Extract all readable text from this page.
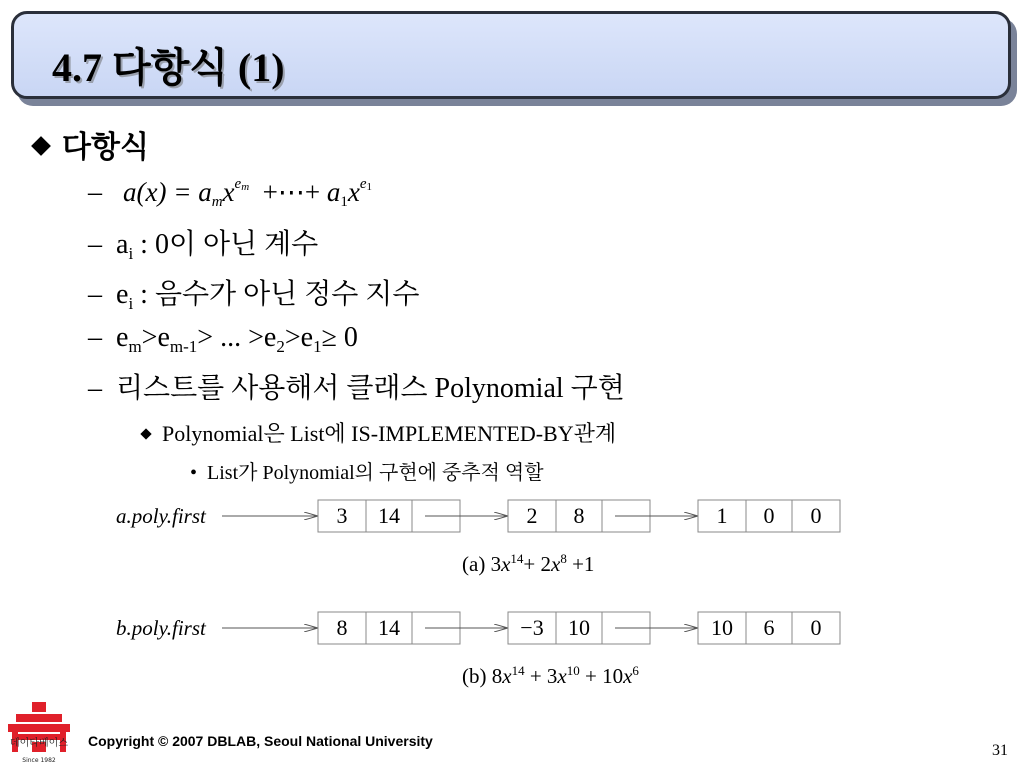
4.7 다항식 (1)
다항식
– a(x) = amx$^{em}$ +⋯+ $a1x^{e1}$
– $a_i$ : 0이 아닌 계수
– $e_i$ : 음수가 아닌 정수 지수
– $e_m>e_{m-1}>$ ... $>e_2>e_1\ge 0$
– 리스트를 사용해서 클래스 Polynomial 구현
Polynomial은 List에 IS-IMPLEMENTED-BY관계
• List가 Polynomial의 구현에 중추적 역할
a.poly.first	3 14	2 8	1 0 0
b.poly.first	8 14	−3 10	10 6 0
(a) $3x^{14}+ 2x^8 +1$
(b) $8x^{14} + 3x^{10} + 10x^6$
데이타베이스
Since 1982
Copyright © 2007 DBLAB, Seoul National University
31
